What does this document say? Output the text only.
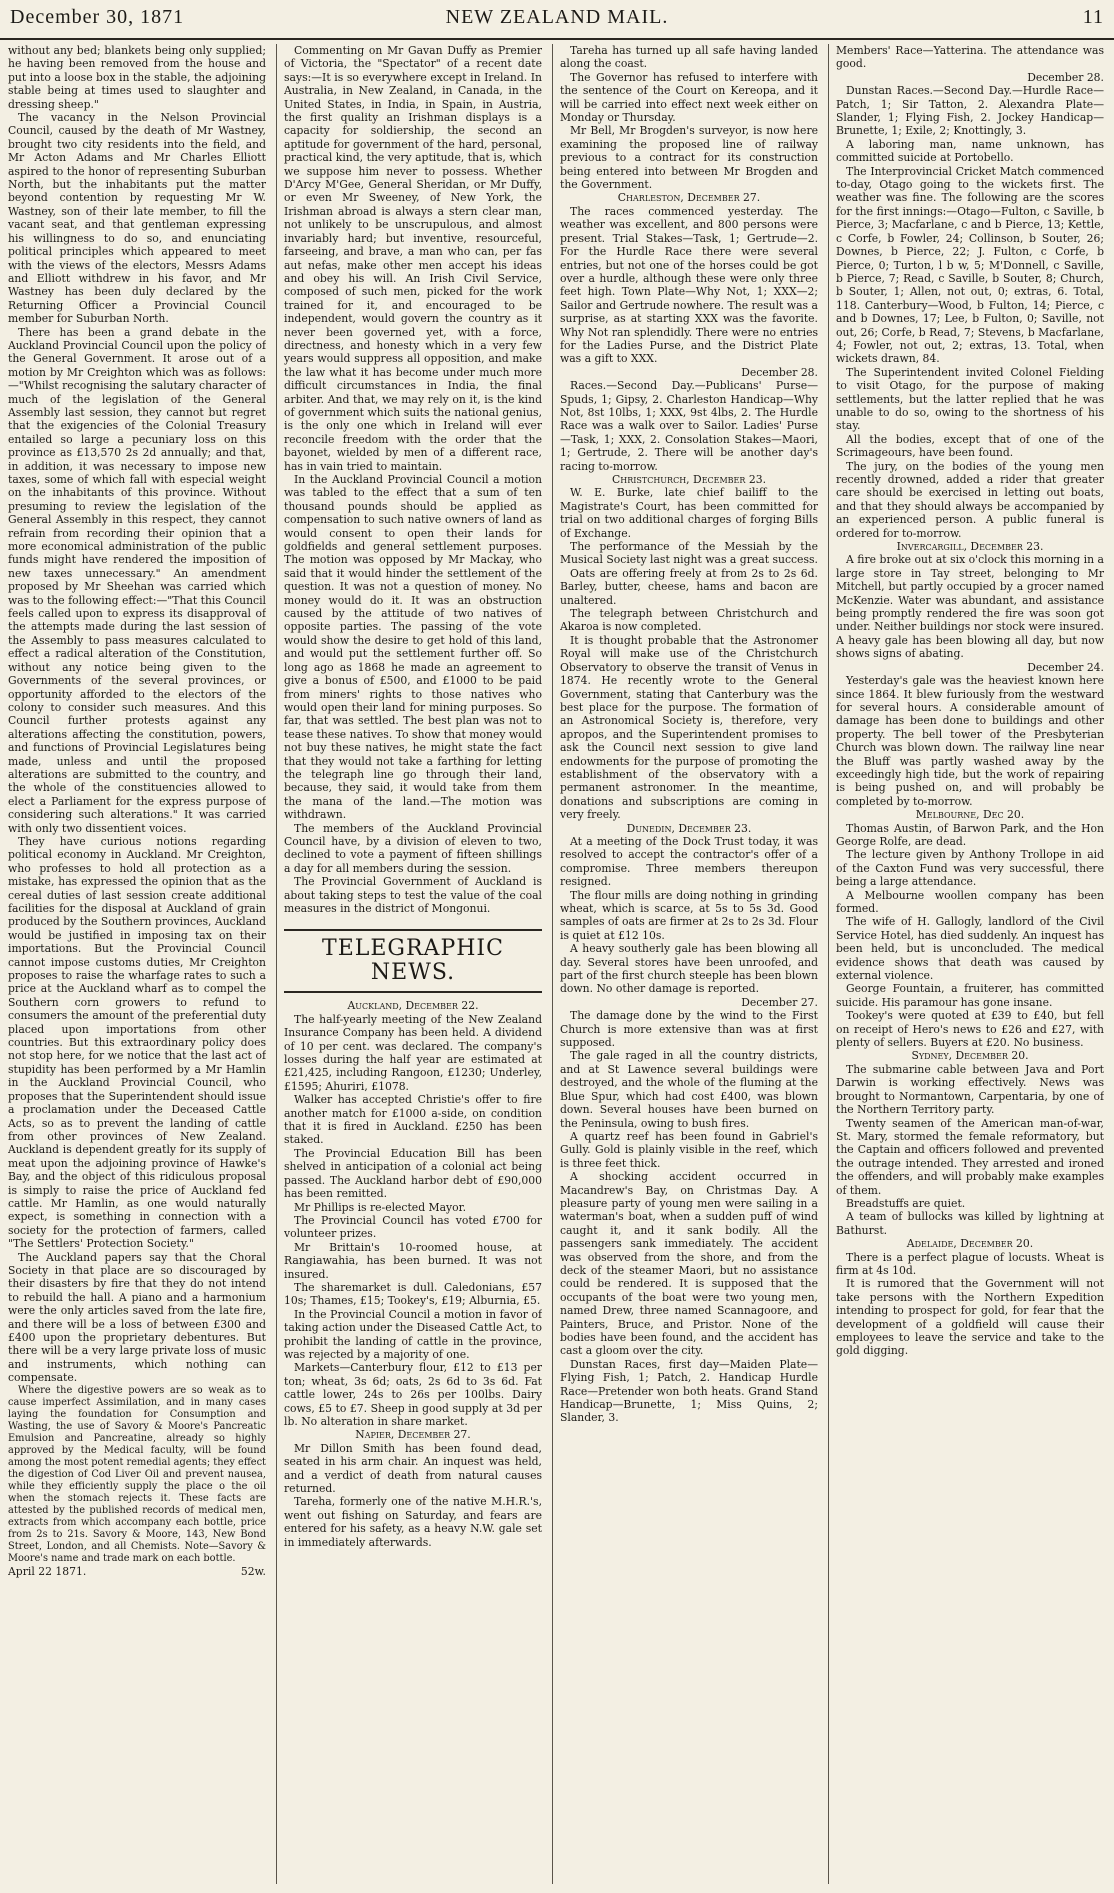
December 30, 1871	NEW ZEALAND MAIL.	11

without any bed; blankets being only supplied; he having been removed from the house and put into a loose box in the stable, the adjoining stable being at times used to slaughter and dressing sheep."

The vacancy in the Nelson Provincial Council, caused by the death of Mr Wastney, brought two city residents into the field, and Mr Acton Adams and Mr Charles Elliott aspired to the honor of representing Suburban North, but the inhabitants put the matter beyond contention by requesting Mr W. Wastney, son of their late member, to fill the vacant seat, and that gentleman expressing his willingness to do so, and enunciating political principles which appeared to meet with the views of the electors, Messrs Adams and Elliott withdrew in his favor, and Mr Wastney has been duly declared by the Returning Officer a Provincial Council member for Suburban North.

There has been a grand debate in the Auckland Provincial Council upon the policy of the General Government. It arose out of a motion by Mr Creighton which was as follows:—"Whilst recognising the salutary character of much of the legislation of the General Assembly last session, they cannot but regret that the exigencies of the Colonial Treasury entailed so large a pecuniary loss on this province as £13,570 2s 2d annually; and that, in addition, it was necessary to impose new taxes, some of which fall with especial weight on the inhabitants of this province. Without presuming to review the legislation of the General Assembly in this respect, they cannot refrain from recording their opinion that a more economical administration of the public funds might have rendered the imposition of new taxes unnecessary." An amendment proposed by Mr Sheehan was carried which was to the following effect:—"That this Council feels called upon to express its disapproval of the attempts made during the last session of the Assembly to pass measures calculated to effect a radical alteration of the Constitution, without any notice being given to the Governments of the several provinces, or opportunity afforded to the electors of the colony to consider such measures. And this Council further protests against any alterations affecting the constitution, powers, and functions of Provincial Legislatures being made, unless and until the proposed alterations are submitted to the country, and the whole of the constituencies allowed to elect a Parliament for the express purpose of considering such alterations." It was carried with only two dissentient voices.

They have curious notions regarding political economy in Auckland. Mr Creighton, who professes to hold all protection as a mistake, has expressed the opinion that as the cereal duties of last session create additional facilities for the disposal at Auckland of grain produced by the Southern provinces, Auckland would be justified in imposing tax on their importations. But the Provincial Council cannot impose customs duties, Mr Creighton proposes to raise the wharfage rates to such a price at the Auckland wharf as to compel the Southern corn growers to refund to consumers the amount of the preferential duty placed upon importations from other countries. But this extraordinary policy does not stop here, for we notice that the last act of stupidity has been performed by a Mr Hamlin in the Auckland Provincial Council, who proposes that the Superintendent should issue a proclamation under the Deceased Cattle Acts, so as to prevent the landing of cattle from other provinces of New Zealand. Auckland is dependent greatly for its supply of meat upon the adjoining province of Hawke's Bay, and the object of this ridiculous proposal is simply to raise the price of Auckland fed cattle. Mr Hamlin, as one would naturally expect, is something in connection with a society for the protection of farmers, called "The Settlers' Protection Society."

The Auckland papers say that the Choral Society in that place are so discouraged by their disasters by fire that they do not intend to rebuild the hall. A piano and a harmonium were the only articles saved from the late fire, and there will be a loss of between £300 and £400 upon the proprietary debentures. But there will be a very large private loss of music and instruments, which nothing can compensate.

Where the digestive powers are so weak as to cause imperfect Assimilation, and in many cases laying the foundation for Consumption and Wasting, the use of Savory & Moore's Pancreatic Emulsion and Pancreatine, already so highly approved by the Medical faculty, will be found among the most potent remedial agents; they effect the digestion of Cod Liver Oil and prevent nausea, while they efficiently supply the place o the oil when the stomach rejects it. These facts are attested by the published records of medical men, extracts from which accompany each bottle, price from 2s to 21s. Savory & Moore, 143, New Bond Street, London, and all Chemists. Note—Savory & Moore's name and trade mark on each bottle.

April 22 1871.	52w.

Commenting on Mr Gavan Duffy as Premier of Victoria, the "Spectator" of a recent date says:—It is so everywhere except in Ireland. In Australia, in New Zealand, in Canada, in the United States, in India, in Spain, in Austria, the first quality an Irishman displays is a capacity for soldiership, the second an aptitude for government of the hard, personal, practical kind, the very aptitude, that is, which we suppose him never to possess. Whether D'Arcy M'Gee, General Sheridan, or Mr Duffy, or even Mr Sweeney, of New York, the Irishman abroad is always a stern clear man, not unlikely to be unscrupulous, and almost invariably hard; but inventive, resourceful, farseeing, and brave, a man who can, per fas aut nefas, make other men accept his ideas and obey his will. An Irish Civil Service, composed of such men, picked for the work trained for it, and encouraged to be independent, would govern the country as it never been governed yet, with a force, directness, and honesty which in a very few years would suppress all opposition, and make the law what it has become under much more difficult circumstances in India, the final arbiter. And that, we may rely on it, is the kind of government which suits the national genius, is the only one which in Ireland will ever reconcile freedom with the order that the bayonet, wielded by men of a different race, has in vain tried to maintain.

In the Auckland Provincial Council a motion was tabled to the effect that a sum of ten thousand pounds should be applied as compensation to such native owners of land as would consent to open their lands for goldfields and general settlement purposes. The motion was opposed by Mr Mackay, who said that it would hinder the settlement of the question. It was not a question of money. No money would do it. It was an obstruction caused by the attitude of two natives of opposite parties. The passing of the vote would show the desire to get hold of this land, and would put the settlement further off. So long ago as 1868 he made an agreement to give a bonus of £500, and £1000 to be paid from miners' rights to those natives who would open their land for mining purposes. So far, that was settled. The best plan was not to tease these natives. To show that money would not buy these natives, he might state the fact that they would not take a farthing for letting the telegraph line go through their land, because, they said, it would take from them the mana of the land.—The motion was withdrawn.

The members of the Auckland Provincial Council have, by a division of eleven to two, declined to vote a payment of fifteen shillings a day for all members during the session.

The Provincial Government of Auckland is about taking steps to test the value of the coal measures in the district of Mongonui.

TELEGRAPHIC NEWS.

Auckland, December 22.

The half-yearly meeting of the New Zealand Insurance Company has been held. A dividend of 10 per cent. was declared. The company's losses during the half year are estimated at £21,425, including Rangoon, £1230; Underley, £1595; Ahuriri, £1078.

Walker has accepted Christie's offer to fire another match for £1000 a-side, on condition that it is fired in Auckland. £250 has been staked.

The Provincial Education Bill has been shelved in anticipation of a colonial act being passed. The Auckland harbor debt of £90,000 has been remitted.

Mr Phillips is re-elected Mayor.

The Provincial Council has voted £700 for volunteer prizes.

Mr Brittain's 10-roomed house, at Rangiawahia, has been burned. It was not insured.

The sharemarket is dull. Caledonians, £57 10s; Thames, £15; Tookey's, £19; Alburnia, £5.

In the Provincial Council a motion in favor of taking action under the Diseased Cattle Act, to prohibit the landing of cattle in the province, was rejected by a majority of one.

Markets—Canterbury flour, £12 to £13 per ton; wheat, 3s 6d; oats, 2s 6d to 3s 6d. Fat cattle lower, 24s to 26s per 100lbs. Dairy cows, £5 to £7. Sheep in good supply at 3d per lb. No alteration in share market.

Napier, December 27.

Mr Dillon Smith has been found dead, seated in his arm chair. An inquest was held, and a verdict of death from natural causes returned.

Tareha, formerly one of the native M.H.R.'s, went out fishing on Saturday, and fears are entered for his safety, as a heavy N.W. gale set in immediately afterwards.

Tareha has turned up all safe having landed along the coast.

The Governor has refused to interfere with the sentence of the Court on Kereopa, and it will be carried into effect next week either on Monday or Thursday.

Mr Bell, Mr Brogden's surveyor, is now here examining the proposed line of railway previous to a contract for its construction being entered into between Mr Brogden and the Government.

Charleston, December 27.

The races commenced yesterday. The weather was excellent, and 800 persons were present. Trial Stakes—Task, 1; Gertrude—2. For the Hurdle Race there were several entries, but not one of the horses could be got over a hurdle, although these were only three feet high. Town Plate—Why Not, 1; XXX—2; Sailor and Gertrude nowhere. The result was a surprise, as at starting XXX was the favorite. Why Not ran splendidly. There were no entries for the Ladies Purse, and the District Plate was a gift to XXX.

December 28.

Races.—Second Day.—Publicans' Purse—Spuds, 1; Gipsy, 2. Charleston Handicap—Why Not, 8st 10lbs, 1; XXX, 9st 4lbs, 2. The Hurdle Race was a walk over to Sailor. Ladies' Purse—Task, 1; XXX, 2. Consolation Stakes—Maori, 1; Gertrude, 2. There will be another day's racing to-morrow.

Christchurch, December 23.

W. E. Burke, late chief bailiff to the Magistrate's Court, has been committed for trial on two additional charges of forging Bills of Exchange.

The performance of the Messiah by the Musical Society last night was a great success.

Oats are offering freely at from 2s to 2s 6d. Barley, butter, cheese, hams and bacon are unaltered.

The telegraph between Christchurch and Akaroa is now completed.

It is thought probable that the Astronomer Royal will make use of the Christchurch Observatory to observe the transit of Venus in 1874. He recently wrote to the General Government, stating that Canterbury was the best place for the purpose. The formation of an Astronomical Society is, therefore, very apropos, and the Superintendent promises to ask the Council next session to give land endowments for the purpose of promoting the establishment of the observatory with a permanent astronomer. In the meantime, donations and subscriptions are coming in very freely.

Dunedin, December 23.

At a meeting of the Dock Trust today, it was resolved to accept the contractor's offer of a compromise. Three members thereupon resigned.

The flour mills are doing nothing in grinding wheat, which is scarce, at 5s to 5s 3d. Good samples of oats are firmer at 2s to 2s 3d. Flour is quiet at £12 10s.

A heavy southerly gale has been blowing all day. Several stores have been unroofed, and part of the first church steeple has been blown down. No other damage is reported.

December 27.

The damage done by the wind to the First Church is more extensive than was at first supposed.

The gale raged in all the country districts, and at St Lawence several buildings were destroyed, and the whole of the fluming at the Blue Spur, which had cost £400, was blown down. Several houses have been burned on the Peninsula, owing to bush fires.

A quartz reef has been found in Gabriel's Gully. Gold is plainly visible in the reef, which is three feet thick.

A shocking accident occurred in Macandrew's Bay, on Christmas Day. A pleasure party of young men were sailing in a waterman's boat, when a sudden puff of wind caught it, and it sank bodily. All the passengers sank immediately. The accident was observed from the shore, and from the deck of the steamer Maori, but no assistance could be rendered. It is supposed that the occupants of the boat were two young men, named Drew, three named Scannagoore, and Painters, Bruce, and Pristor. None of the bodies have been found, and the accident has cast a gloom over the city.

Dunstan Races, first day—Maiden Plate—Flying Fish, 1; Patch, 2. Handicap Hurdle Race—Pretender won both heats. Grand Stand Handicap—Brunette, 1; Miss Quins, 2; Slander, 3.

Members' Race—Yatterina. The attendance was good.

December 28.

Dunstan Races.—Second Day.—Hurdle Race—Patch, 1; Sir Tatton, 2. Alexandra Plate—Slander, 1; Flying Fish, 2. Jockey Handicap—Brunette, 1; Exile, 2; Knottingly, 3.

A laboring man, name unknown, has committed suicide at Portobello.

The Interprovincial Cricket Match commenced to-day, Otago going to the wickets first. The weather was fine. The following are the scores for the first innings:—Otago—Fulton, c Saville, b Pierce, 3; Macfarlane, c and b Pierce, 13; Kettle, c Corfe, b Fowler, 24; Collinson, b Souter, 26; Downes, b Pierce, 22; J. Fulton, c Corfe, b Pierce, 0; Turton, l b w, 5; M'Donnell, c Saville, b Pierce, 7; Read, c Saville, b Souter, 8; Church, b Souter, 1; Allen, not out, 0; extras, 6. Total, 118. Canterbury—Wood, b Fulton, 14; Pierce, c and b Downes, 17; Lee, b Fulton, 0; Saville, not out, 26; Corfe, b Read, 7; Stevens, b Macfarlane, 4; Fowler, not out, 2; extras, 13. Total, when wickets drawn, 84.

The Superintendent invited Colonel Fielding to visit Otago, for the purpose of making settlements, but the latter replied that he was unable to do so, owing to the shortness of his stay.

All the bodies, except that of one of the Scrimageours, have been found.

The jury, on the bodies of the young men recently drowned, added a rider that greater care should be exercised in letting out boats, and that they should always be accompanied by an experienced person. A public funeral is ordered for to-morrow.

Invercargill, December 23.

A fire broke out at six o'clock this morning in a large store in Tay street, belonging to Mr Mitchell, but partly occupied by a grocer named McKenzie. Water was abundant, and assistance being promptly rendered the fire was soon got under. Neither buildings nor stock were insured. A heavy gale has been blowing all day, but now shows signs of abating.

December 24.

Yesterday's gale was the heaviest known here since 1864. It blew furiously from the westward for several hours. A considerable amount of damage has been done to buildings and other property. The bell tower of the Presbyterian Church was blown down. The railway line near the Bluff was partly washed away by the exceedingly high tide, but the work of repairing is being pushed on, and will probably be completed by to-morrow.

Melbourne, Dec 20.

Thomas Austin, of Barwon Park, and the Hon George Rolfe, are dead.

The lecture given by Anthony Trollope in aid of the Caxton Fund was very successful, there being a large attendance.

A Melbourne woollen company has been formed.

The wife of H. Gallogly, landlord of the Civil Service Hotel, has died suddenly. An inquest has been held, but is unconcluded. The medical evidence shows that death was caused by external violence.

George Fountain, a fruiterer, has committed suicide. His paramour has gone insane.

Tookey's were quoted at £39 to £40, but fell on receipt of Hero's news to £26 and £27, with plenty of sellers. Buyers at £20. No business.

Sydney, December 20.

The submarine cable between Java and Port Darwin is working effectively. News was brought to Normantown, Carpentaria, by one of the Northern Territory party.

Twenty seamen of the American man-of-war, St. Mary, stormed the female reformatory, but the Captain and officers followed and prevented the outrage intended. They arrested and ironed the offenders, and will probably make examples of them.

Breadstuffs are quiet.

A team of bullocks was killed by lightning at Bathurst.

Adelaide, December 20.

There is a perfect plague of locusts. Wheat is firm at 4s 10d.

It is rumored that the Government will not take persons with the Northern Expedition intending to prospect for gold, for fear that the development of a goldfield will cause their employees to leave the service and take to the gold digging.
